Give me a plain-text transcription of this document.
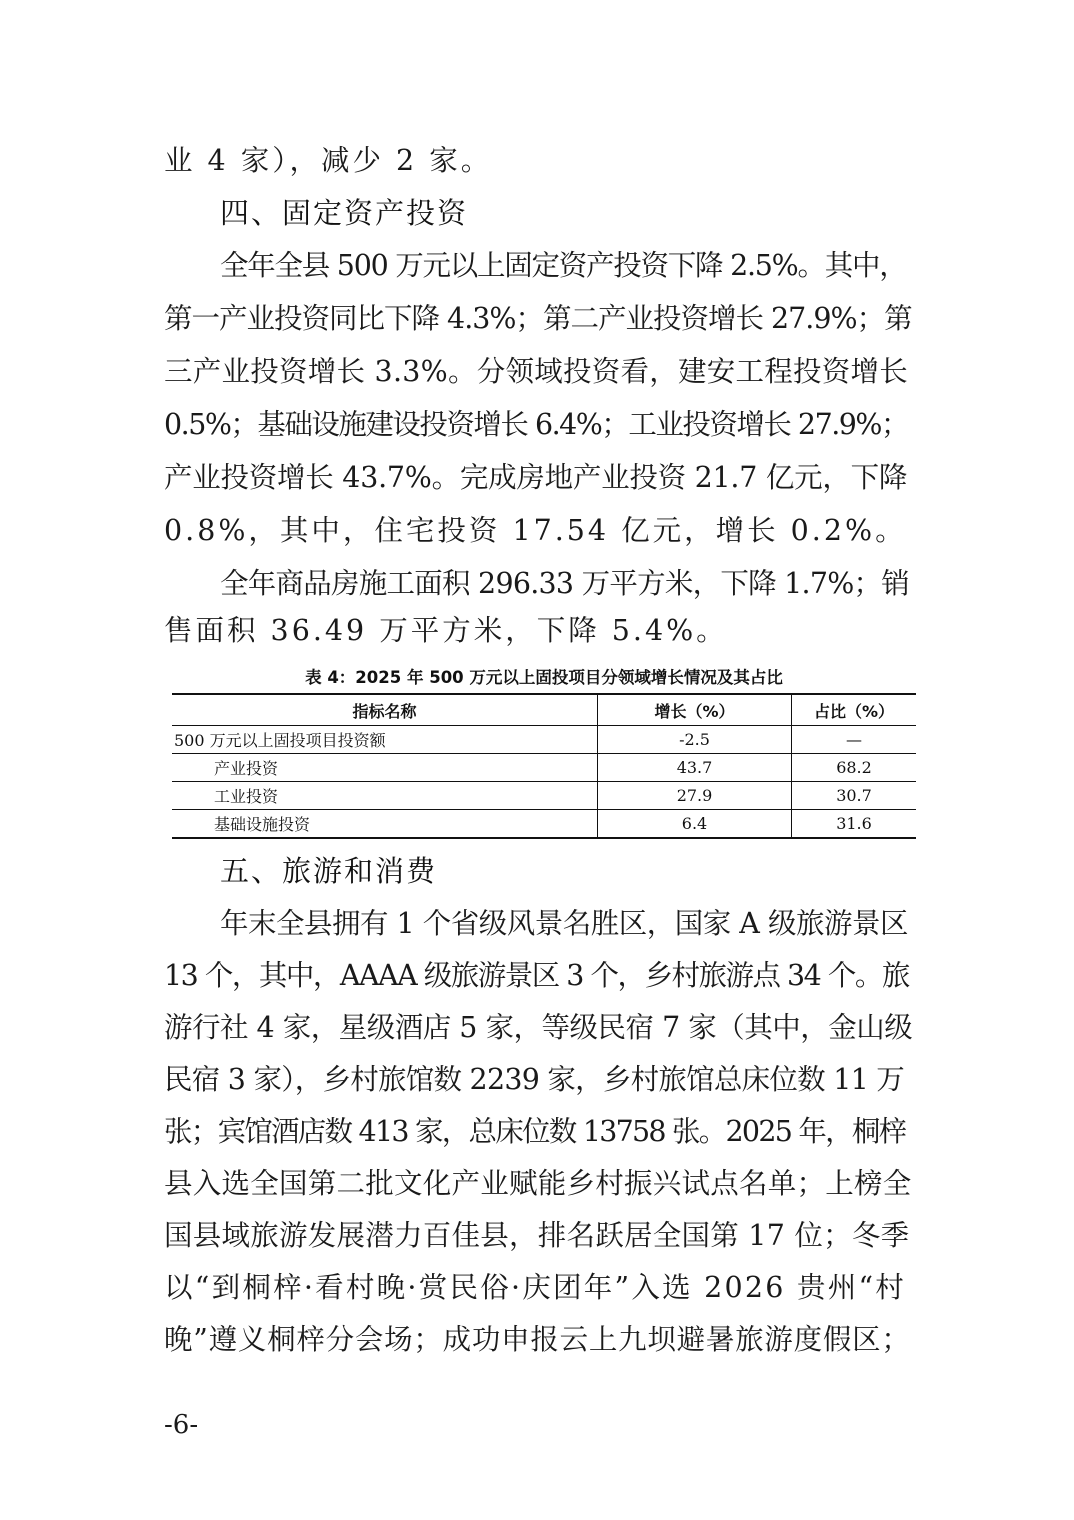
业 4 家），减少 2 家。
四、固定资产投资
全年全县 500 万元以上固定资产投资下降 2.5%。其中，
第一产业投资同比下降 4.3%；第二产业投资增长 27.9%；第
三产业投资增长 3.3%。分领域投资看，建安工程投资增长
0.5%；基础设施建设投资增长 6.4%；工业投资增长 27.9%；
产业投资增长 43.7%。完成房地产业投资 21.7 亿元，下降
0.8%，其中，住宅投资 17.54 亿元，增长 0.2%。
全年商品房施工面积 296.33 万平方米，下降 1.7%；销
售面积 36.49 万平方米，下降 5.4%。
表 4：2025 年 500 万元以上固投项目分领域增长情况及其占比
指标名称	增长（%）	占比（%）
500 万元以上固投项目投资额	-2.5	—
产业投资	43.7	68.2
工业投资	27.9	30.7
基础设施投资	6.4	31.6
五、旅游和消费
年末全县拥有 1 个省级风景名胜区，国家 A 级旅游景区
13 个，其中，AAAA 级旅游景区 3 个，乡村旅游点 34 个。旅
游行社 4 家，星级酒店 5 家，等级民宿 7 家（其中，金山级
民宿 3 家），乡村旅馆数 2239 家，乡村旅馆总床位数 11 万
张；宾馆酒店数 413 家，总床位数 13758 张。2025 年，桐梓
县入选全国第二批文化产业赋能乡村振兴试点名单；上榜全
国县域旅游发展潜力百佳县，排名跃居全国第 17 位；冬季
以“到桐梓·看村晚·赏民俗·庆团年”入选 2026 贵州“村
晚”遵义桐梓分会场；成功申报云上九坝避暑旅游度假区；
-6-
